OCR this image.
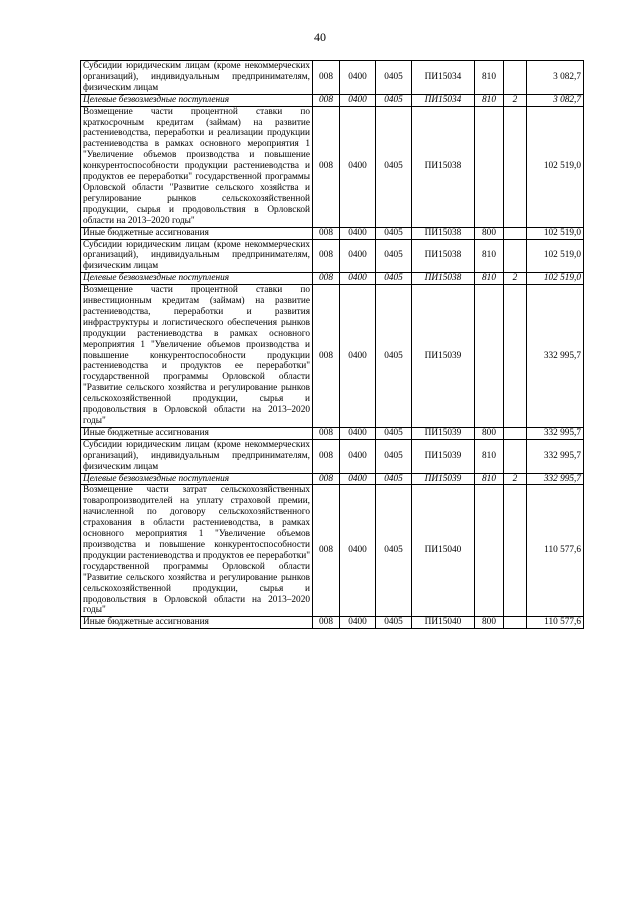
40
Субсидии юридическим лицам (кроме некоммерческих организаций), индивидуальным предпринимателям, физическим лицам	008	0400	0405	ПИ15034	810		3 082,7
Целевые безвозмездные поступления	008	0400	0405	ПИ15034	810	2	3 082,7
Возмещение части процентной ставки по краткосрочным кредитам (займам) на развитие растениеводства, переработки и реализации продукции растениеводства в рамках основного мероприятия 1 "Увеличение объемов производства и повышение конкурентоспособности продукции растениеводства и продуктов ее переработки" государственной программы Орловской области "Развитие сельского хозяйства и регулирование рынков сельскохозяйственной продукции, сырья и продовольствия в Орловской области на 2013–2020 годы"	008	0400	0405	ПИ15038			102 519,0
Иные бюджетные ассигнования	008	0400	0405	ПИ15038	800		102 519,0
Субсидии юридическим лицам (кроме некоммерческих организаций), индивидуальным предпринимателям, физическим лицам	008	0400	0405	ПИ15038	810		102 519,0
Целевые безвозмездные поступления	008	0400	0405	ПИ15038	810	2	102 519,0
Возмещение части процентной ставки по инвестиционным кредитам (займам) на развитие растениеводства, переработки и развития инфраструктуры и логистического обеспечения рынков продукции растениеводства в рамках основного мероприятия 1 "Увеличение объемов производства и повышение конкурентоспособности продукции растениеводства и продуктов ее переработки" государственной программы Орловской области "Развитие сельского хозяйства и регулирование рынков сельскохозяйственной продукции, сырья и продовольствия в Орловской области на 2013–2020 годы"	008	0400	0405	ПИ15039			332 995,7
Иные бюджетные ассигнования	008	0400	0405	ПИ15039	800		332 995,7
Субсидии юридическим лицам (кроме некоммерческих организаций), индивидуальным предпринимателям, физическим лицам	008	0400	0405	ПИ15039	810		332 995,7
Целевые безвозмездные поступления	008	0400	0405	ПИ15039	810	2	332 995,7
Возмещение части затрат сельскохозяйственных товаропроизводителей на уплату страховой премии, начисленной по договору сельскохозяйственного страхования в области растениеводства, в рамках основного мероприятия 1 "Увеличение объемов производства и повышение конкурентоспособности продукции растениеводства и продуктов ее переработки" государственной программы Орловской области "Развитие сельского хозяйства и регулирование рынков сельскохозяйственной продукции, сырья и продовольствия в Орловской области на 2013–2020 годы"	008	0400	0405	ПИ15040			110 577,6
Иные бюджетные ассигнования	008	0400	0405	ПИ15040	800		110 577,6
